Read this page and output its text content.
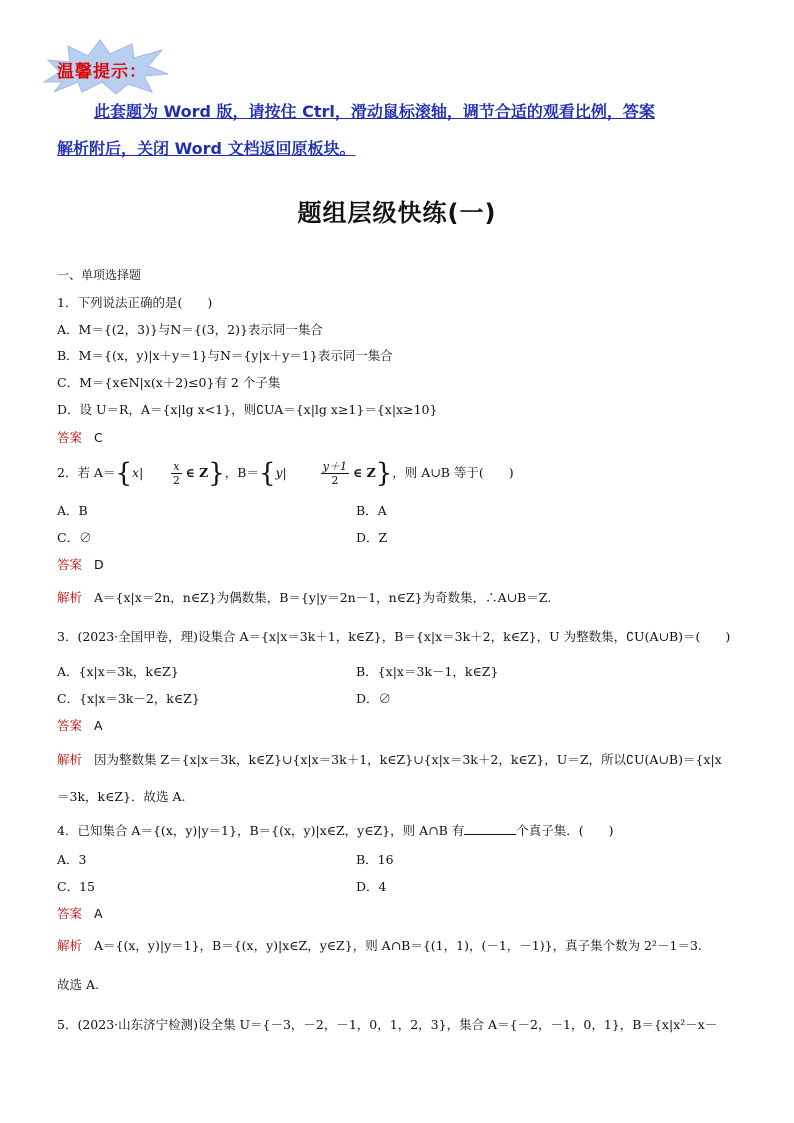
温馨提示：
此套题为 Word 版，请按住 Ctrl，滑动鼠标滚轴，调节合适的观看比例，答案
解析附后，关闭 Word 文档返回原板块。
题组层级快练(一)
一、单项选择题
1．下列说法正确的是(　　)
A．M＝{(2，3)}与N＝{(3，2)}表示同一集合
B．M＝{(x，y)|x＋y＝1}与N＝{y|x＋y＝1}表示同一集合
C．M＝{x∈N|x(x＋2)≤0}有 2 个子集
D．设 U＝R，A＝{x|lg x<1}，则∁UA＝{x|lg x≥1}＝{x|x≥10}
答案 C
2．若 A＝{x|	$\frac{x}{2}$ ∈ Z}，B＝{y|	$\frac{y+1}{2}$ ∈ Z}，则 A∪B 等于(　　)
A．B	B．A
C．∅	D．Z
答案 D
解析 A＝{x|x＝2n，n∈Z}为偶数集，B＝{y|y＝2n－1，n∈Z}为奇数集，∴A∪B＝Z.
3．(2023·全国甲卷，理)设集合 A＝{x|x＝3k＋1，k∈Z}，B＝{x|x＝3k＋2，k∈Z}，U 为整数集，∁U(A∪B)＝(　　)
A．{x|x＝3k，k∈Z}	B．{x|x＝3k－1，k∈Z}
C．{x|x＝3k－2，k∈Z}	D．∅
答案 A
解析 因为整数集 Z＝{x|x＝3k，k∈Z}∪{x|x＝3k＋1，k∈Z}∪{x|x＝3k＋2，k∈Z}，U＝Z，所以∁U(A∪B)＝{x|x
＝3k，k∈Z}．故选 A.
4．已知集合 A＝{(x，y)|y＝1}，B＝{(x，y)|x∈Z，y∈Z}，则 A∩B 有	个真子集．(　　)
A．3	B．16
C．15	D．4
答案 A
解析 A＝{(x，y)|y＝1}，B＝{(x，y)|x∈Z，y∈Z}，则 A∩B＝{(1，1)，(－1，－1)}，真子集个数为 2²－1＝3.
故选 A.
5．(2023·山东济宁检测)设全集 U＝{－3，－2，－1，0，1，2，3}，集合 A＝{－2，－1，0，1}，B＝{x|x²－x－
